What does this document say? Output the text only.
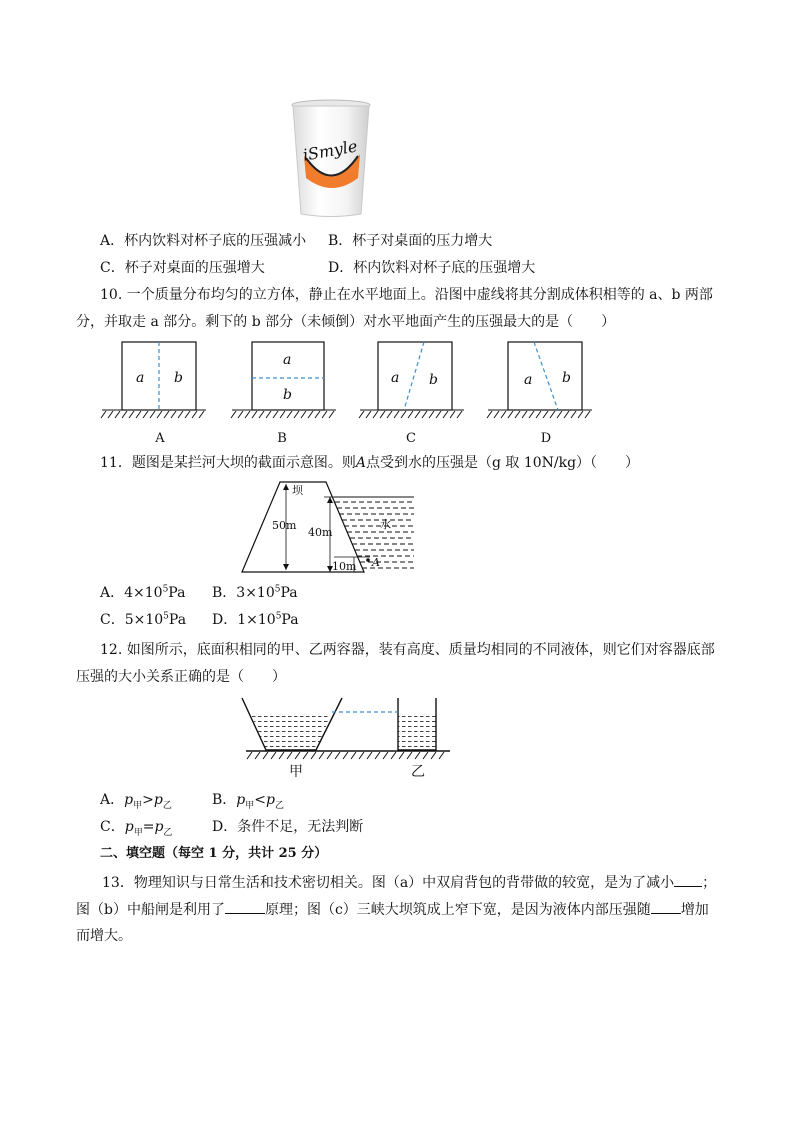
iSmyle
A．杯内饮料对杯子底的压强减小 B．杯子对桌面的压力增大
C．杯子对桌面的压强增大	D．杯内饮料对杯子底的压强增大
10. 一个质量分布均匀的立方体，静止在水平地面上。沿图中虚线将其分割成体积相等的 a、b 两部
分，并取走 a 部分。剩下的 b 部分（未倾倒）对水平地面产生的压强最大的是（　　）
a b
a
b
a b	a b
A	B	C	D
11．题图是某拦河大坝的截面示意图。则A点受到水的压强是（g 取 10N/kg）（　　）
坝
水
50m
40m
10m A
A．$4\times 10^5Pa$ B．$3\times 10^5Pa$
C．$5\times 10^5Pa$ D．$1\times 10^5Pa$
12. 如图所示，底面积相同的甲、乙两容器，装有高度、质量均相同的不同液体，则它们对容器底部
压强的大小关系正确的是（　　）
甲	乙
A．$p_甲>p_乙$	B．$p_甲<p_乙$
C．$p_甲=p_乙$	D．条件不足，无法判断
二、填空题（每空 1 分，共计 25 分）
13．物理知识与日常生活和技术密切相关。图（a）中双肩背包的背带做的较宽，是为了减小 ；
图（b）中船闸是利用了	原理；图（c）三峡大坝筑成上窄下宽，是因为液体内部压强随 增加
而增大。
